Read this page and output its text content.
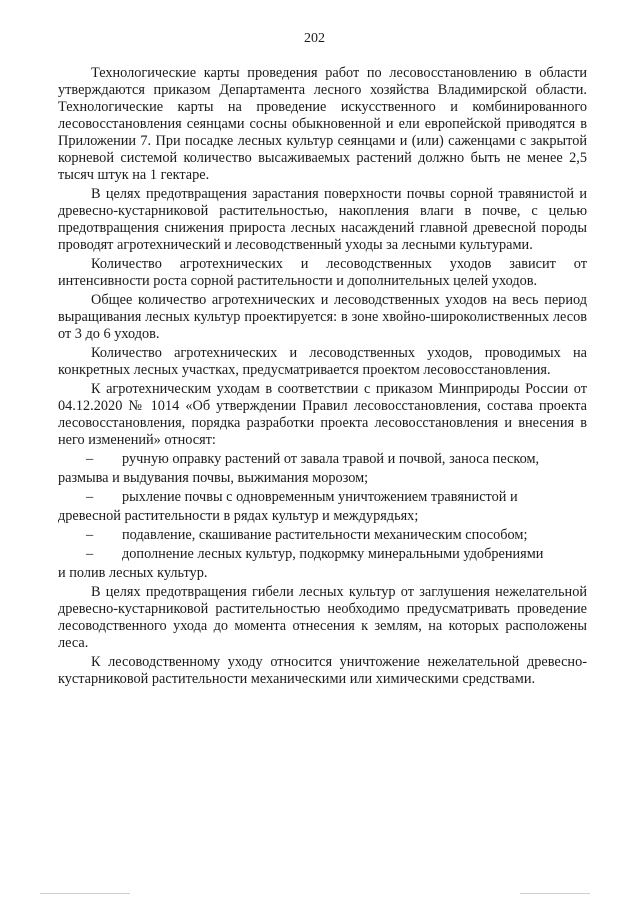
202

Технологические карты проведения работ по лесовосстановлению в области утверждаются приказом Департамента лесного хозяйства Владимирской области. Технологические карты на проведение искусственного и комбинированного лесовосстановления сеянцами сосны обыкновенной и ели европейской приводятся в Приложении 7. При посадке лесных культур сеянцами и (или) саженцами с закрытой корневой системой количество высаживаемых растений должно быть не менее 2,5 тысяч штук на 1 гектаре.

В целях предотвращения зарастания поверхности почвы сорной травянистой и древесно-кустарниковой растительностью, накопления влаги в почве, с целью предотвращения снижения прироста лесных насаждений главной древесной породы проводят агротехнический и лесоводственный уходы за лесными культурами.

Количество агротехнических и лесоводственных уходов зависит от интенсивности роста сорной растительности и дополнительных целей уходов.

Общее количество агротехнических и лесоводственных уходов на весь период выращивания лесных культур проектируется: в зоне хвойно-широколиственных лесов от 3 до 6 уходов.

Количество агротехнических и лесоводственных уходов, проводимых на конкретных лесных участках, предусматривается проектом лесовосстановления.

К агротехническим уходам в соответствии с приказом Минприроды России от 04.12.2020 № 1014 «Об утверждении Правил лесовосстановления, состава проекта лесовосстановления, порядка разработки проекта лесовосстановления и внесения в него изменений» относят:

–	ручную оправку растений от завала травой и почвой, заноса песком,
размыва и выдувания почвы, выжимания морозом;
–	рыхление почвы с одновременным уничтожением травянистой и
древесной растительности в рядах культур и междурядьях;
–	подавление, скашивание растительности механическим способом;
–	дополнение лесных культур, подкормку минеральными удобрениями
и полив лесных культур.

В целях предотвращения гибели лесных культур от заглушения нежелательной древесно-кустарниковой растительностью необходимо предусматривать проведение лесоводственного ухода до момента отнесения к землям, на которых расположены леса.

К лесоводственному уходу относится уничтожение нежелательной древесно-кустарниковой растительности механическими или химическими средствами.
